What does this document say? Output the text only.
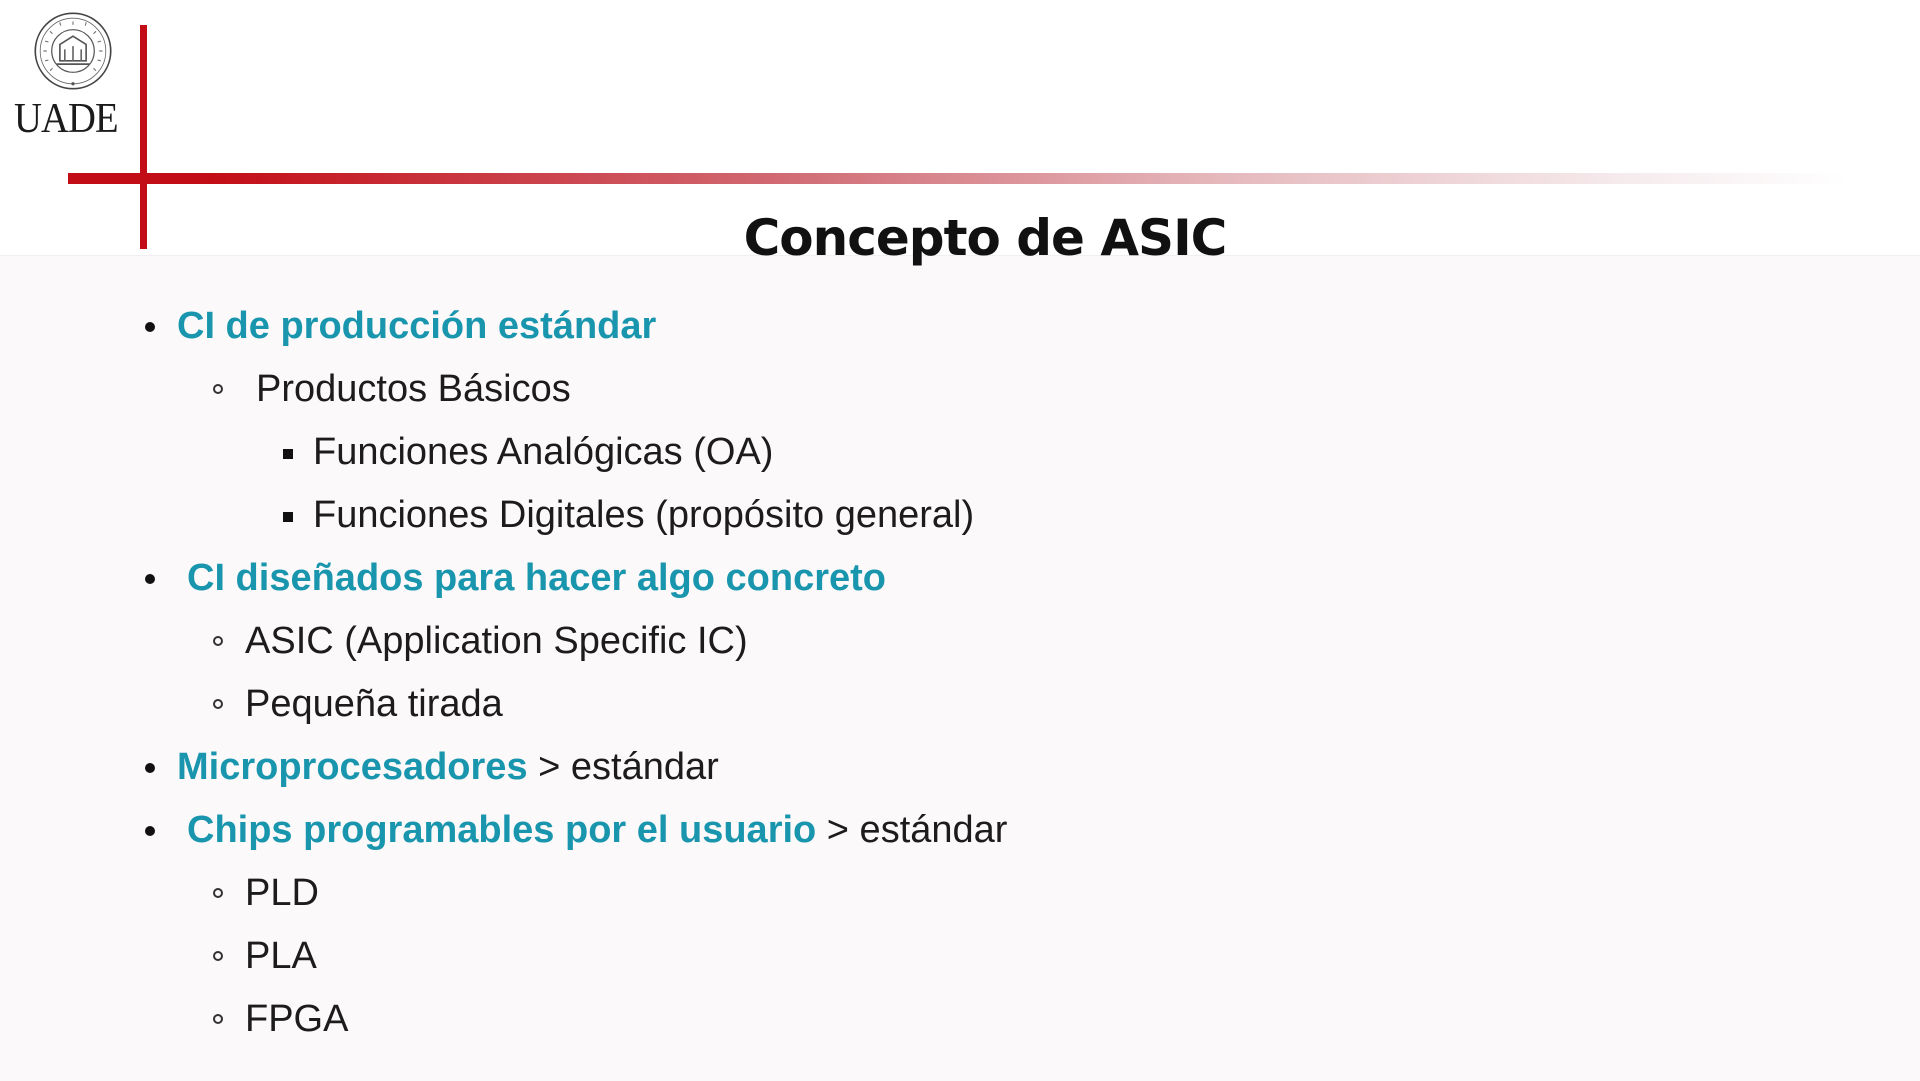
UADE
Concepto de ASIC
CI de producción estándar
Productos Básicos
Funciones Analógicas (OA)
Funciones Digitales (propósito general)
CI diseñados para hacer algo concreto
ASIC (Application Specific IC)
Pequeña tirada
Microprocesadores > estándar
Chips programables por el usuario > estándar
PLD
PLA
FPGA
